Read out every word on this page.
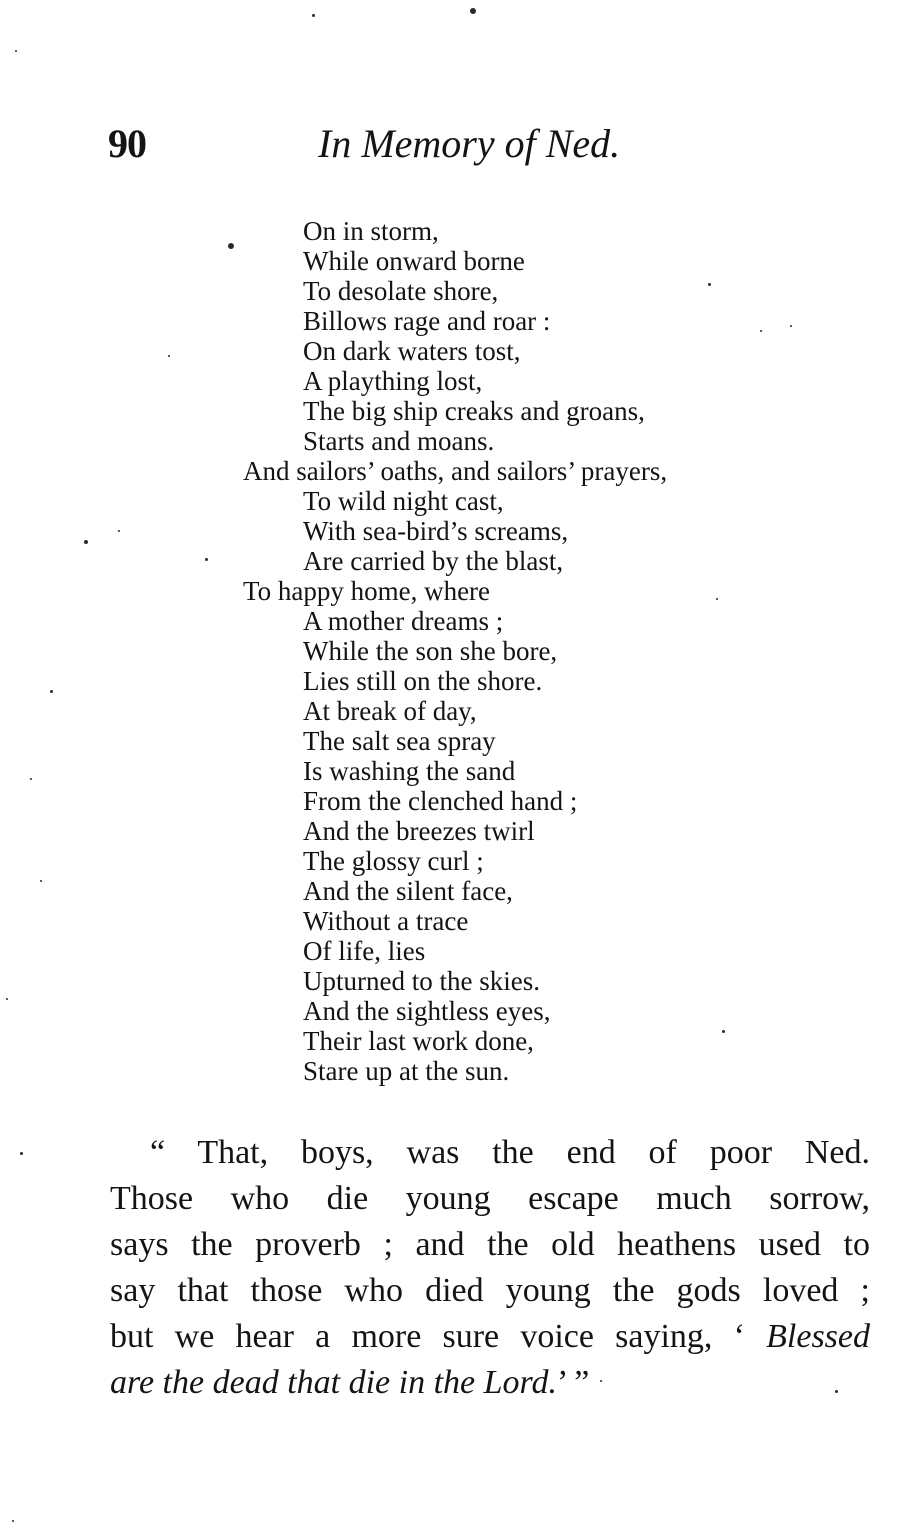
90	In Memory of Ned.
On in storm,
While onward borne
To desolate shore,
Billows rage and roar :
On dark waters tost,
A plaything lost,
The big ship creaks and groans,
Starts and moans.
And sailors’ oaths, and sailors’ prayers,
To wild night cast,
With sea-bird’s screams,
Are carried by the blast,
To happy home, where
A mother dreams ;
While the son she bore,
Lies still on the shore.
At break of day,
The salt sea spray
Is washing the sand
From the clenched hand ;
And the breezes twirl
The glossy curl ;
And the silent face,
Without a trace
Of life, lies
Upturned to the skies.
And the sightless eyes,
Their last work done,
Stare up at the sun.
“ That, boys, was the end of poor Ned.
Those who die young escape much sorrow,
says the proverb ; and the old heathens used to
say that those who died young the gods loved ;
but we hear a more sure voice saying, ‘ Blessed
are the dead that die in the Lord.’ ”
